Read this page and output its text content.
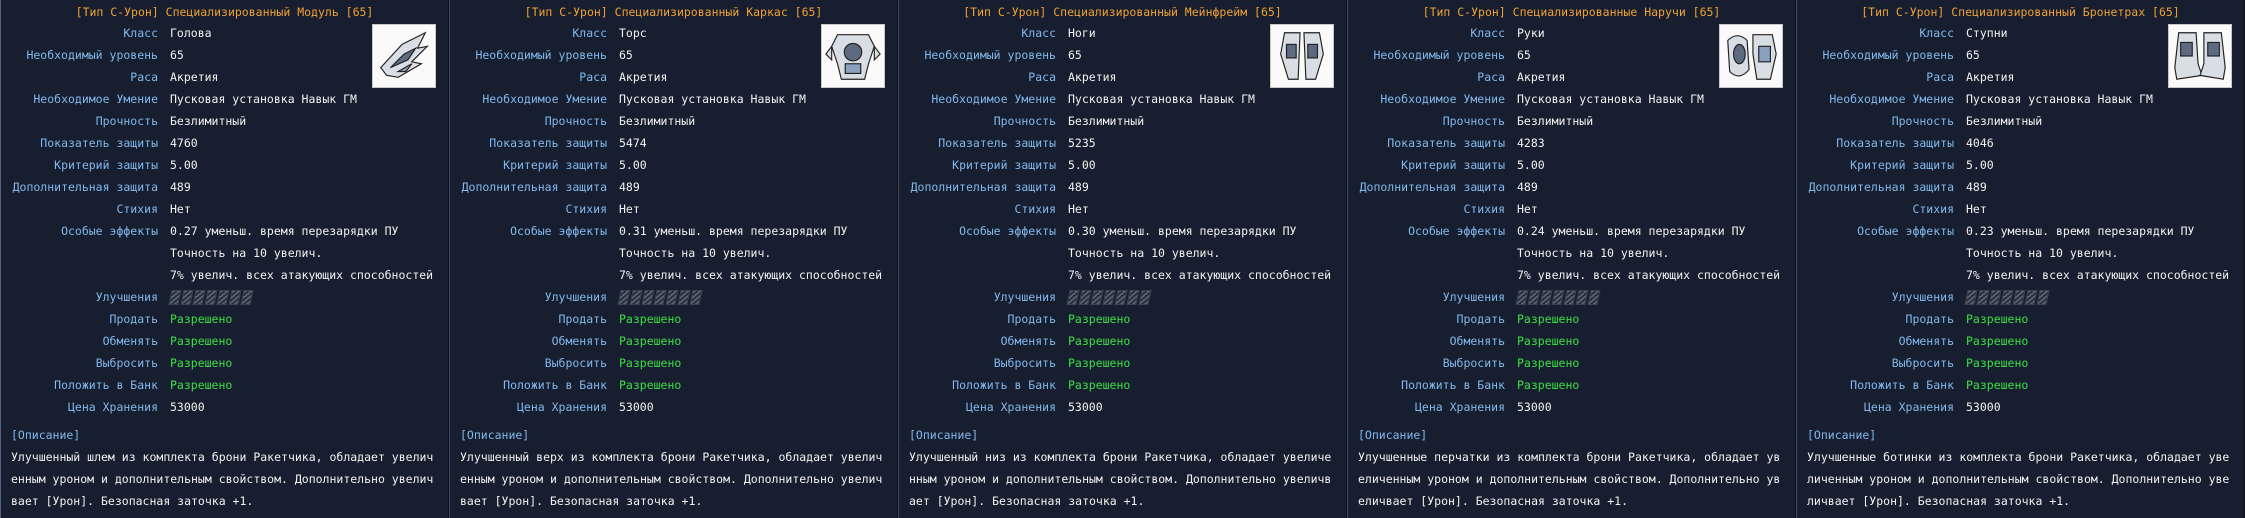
[Тип С-Урон] Специализированный Модуль [65]
Класс	Голова
Необходимый уровень	65
Раса	Акретия
Необходимое Умение	Пусковая установка Навык ГМ
Прочность	Безлимитный
Показатель защиты	4760
Критерий защиты	5.00
Дополнительная защита	489
Стихия	Нет
Особые эффекты	0.27 уменьш. время перезарядки ПУ
Точность на 10 увелич.
7% увелич. всех атакующих способностей
Улучшения
Продать	Разрешено
Обменять	Разрешено
Выбросить	Разрешено
Положить в Банк	Разрешено
Цена Хранения	53000
[Описание]
Улучшенный шлем из комплекта брони Ракетчика, обладает увеличенным уроном и дополнительным свойством. Дополнительно увеличвает [Урон]. Безопасная заточка +1.
[Тип С-Урон] Специализированный Каркас [65]
Класс	Торс
Необходимый уровень	65
Раса	Акретия
Необходимое Умение	Пусковая установка Навык ГМ
Прочность	Безлимитный
Показатель защиты	5474
Критерий защиты	5.00
Дополнительная защита	489
Стихия	Нет
Особые эффекты	0.31 уменьш. время перезарядки ПУ
Точность на 10 увелич.
7% увелич. всех атакующих способностей
Улучшения
Продать	Разрешено
Обменять	Разрешено
Выбросить	Разрешено
Положить в Банк	Разрешено
Цена Хранения	53000
[Описание]
Улучшенный верх из комплекта брони Ракетчика, обладает увеличенным уроном и дополнительным свойством. Дополнительно увеличвает [Урон]. Безопасная заточка +1.
[Тип С-Урон] Специализированный Мейнфрейм [65]
Класс	Ноги
Необходимый уровень	65
Раса	Акретия
Необходимое Умение	Пусковая установка Навык ГМ
Прочность	Безлимитный
Показатель защиты	5235
Критерий защиты	5.00
Дополнительная защита	489
Стихия	Нет
Особые эффекты	0.30 уменьш. время перезарядки ПУ
Точность на 10 увелич.
7% увелич. всех атакующих способностей
Улучшения
Продать	Разрешено
Обменять	Разрешено
Выбросить	Разрешено
Положить в Банк	Разрешено
Цена Хранения	53000
[Описание]
Улучшенный низ из комплекта брони Ракетчика, обладает увеличенным уроном и дополнительным свойством. Дополнительно увеличвает [Урон]. Безопасная заточка +1.
[Тип С-Урон] Специализированные Наручи [65]
Класс	Руки
Необходимый уровень	65
Раса	Акретия
Необходимое Умение	Пусковая установка Навык ГМ
Прочность	Безлимитный
Показатель защиты	4283
Критерий защиты	5.00
Дополнительная защита	489
Стихия	Нет
Особые эффекты	0.24 уменьш. время перезарядки ПУ
Точность на 10 увелич.
7% увелич. всех атакующих способностей
Улучшения
Продать	Разрешено
Обменять	Разрешено
Выбросить	Разрешено
Положить в Банк	Разрешено
Цена Хранения	53000
[Описание]
Улучшенные перчатки из комплекта брони Ракетчика, обладает увеличенным уроном и дополнительным свойством. Дополнительно увеличвает [Урон]. Безопасная заточка +1.
[Тип С-Урон] Специализированный Бронетрах [65]
Класс	Ступни
Необходимый уровень	65
Раса	Акретия
Необходимое Умение	Пусковая установка Навык ГМ
Прочность	Безлимитный
Показатель защиты	4046
Критерий защиты	5.00
Дополнительная защита	489
Стихия	Нет
Особые эффекты	0.23 уменьш. время перезарядки ПУ
Точность на 10 увелич.
7% увелич. всех атакующих способностей
Улучшения
Продать	Разрешено
Обменять	Разрешено
Выбросить	Разрешено
Положить в Банк	Разрешено
Цена Хранения	53000
[Описание]
Улучшенные ботинки из комплекта брони Ракетчика, обладает увеличенным уроном и дополнительным свойством. Дополнительно увеличвает [Урон]. Безопасная заточка +1.
